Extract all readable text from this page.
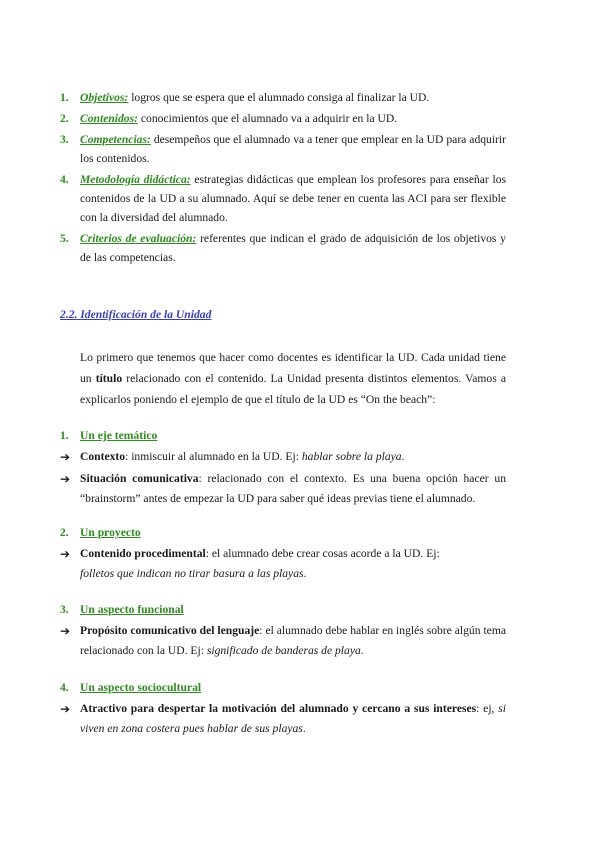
1. Objetivos: logros que se espera que el alumnado consiga al finalizar la UD.
2. Contenidos: conocimientos que el alumnado va a adquirir en la UD.
3. Competencias: desempeños que el alumnado va a tener que emplear en la UD para adquirir los contenidos.
4. Metodología didáctica: estrategias didácticas que emplean los profesores para enseñar los contenidos de la UD a su alumnado. Aquí se debe tener en cuenta las ACI para ser flexible con la diversidad del alumnado.
5. Criterios de evaluación: referentes que indican el grado de adquisición de los objetivos y de las competencias.
2.2. Identificación de la Unidad

Lo primero que tenemos que hacer como docentes es identificar la UD. Cada unidad tiene un título relacionado con el contenido. La Unidad presenta distintos elementos. Vamos a explicarlos poniendo el ejemplo de que el título de la UD es “On the beach”:

1. Un eje temático
➔ Contexto: inmiscuir al alumnado en la UD. Ej: hablar sobre la playa.
➔ Situación comunicativa: relacionado con el contexto. Es una buena opción hacer un “brainstorm” antes de empezar la UD para saber qué ideas previas tiene el alumnado.
2. Un proyecto
➔ Contenido procedimental: el alumnado debe crear cosas acorde a la UD. Ej:
folletos que indican no tirar basura a las playas.
3. Un aspecto funcional
➔ Propósito comunicativo del lenguaje: el alumnado debe hablar en inglés sobre algún tema relacionado con la UD. Ej: significado de banderas de playa.
4. Un aspecto sociocultural
➔ Atractivo para despertar la motivación del alumnado y cercano a sus intereses: ej, si viven en zona costera pues hablar de sus playas.
